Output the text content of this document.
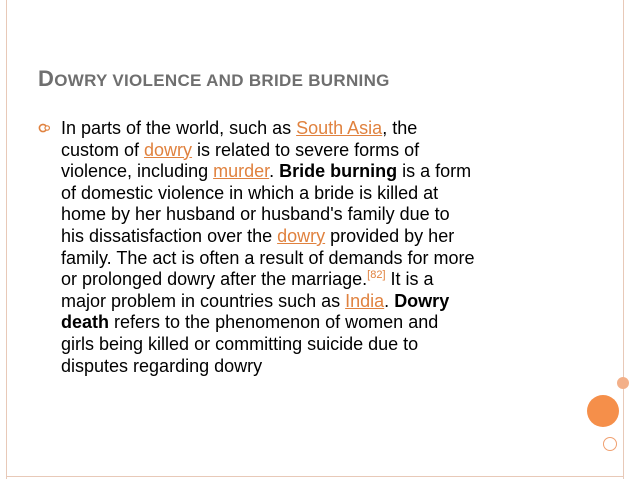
DOWRY VIOLENCE AND BRIDE BURNING
In parts of the world, such as South Asia, the
custom of dowry is related to severe forms of
violence, including murder. Bride burning is a form
of domestic violence in which a bride is killed at
home by her husband or husband's family due to
his dissatisfaction over the dowry provided by her
family. The act is often a result of demands for more
or prolonged dowry after the marriage.[82] It is a
major problem in countries such as India. Dowry
death refers to the phenomenon of women and
girls being killed or committing suicide due to
disputes regarding dowry
